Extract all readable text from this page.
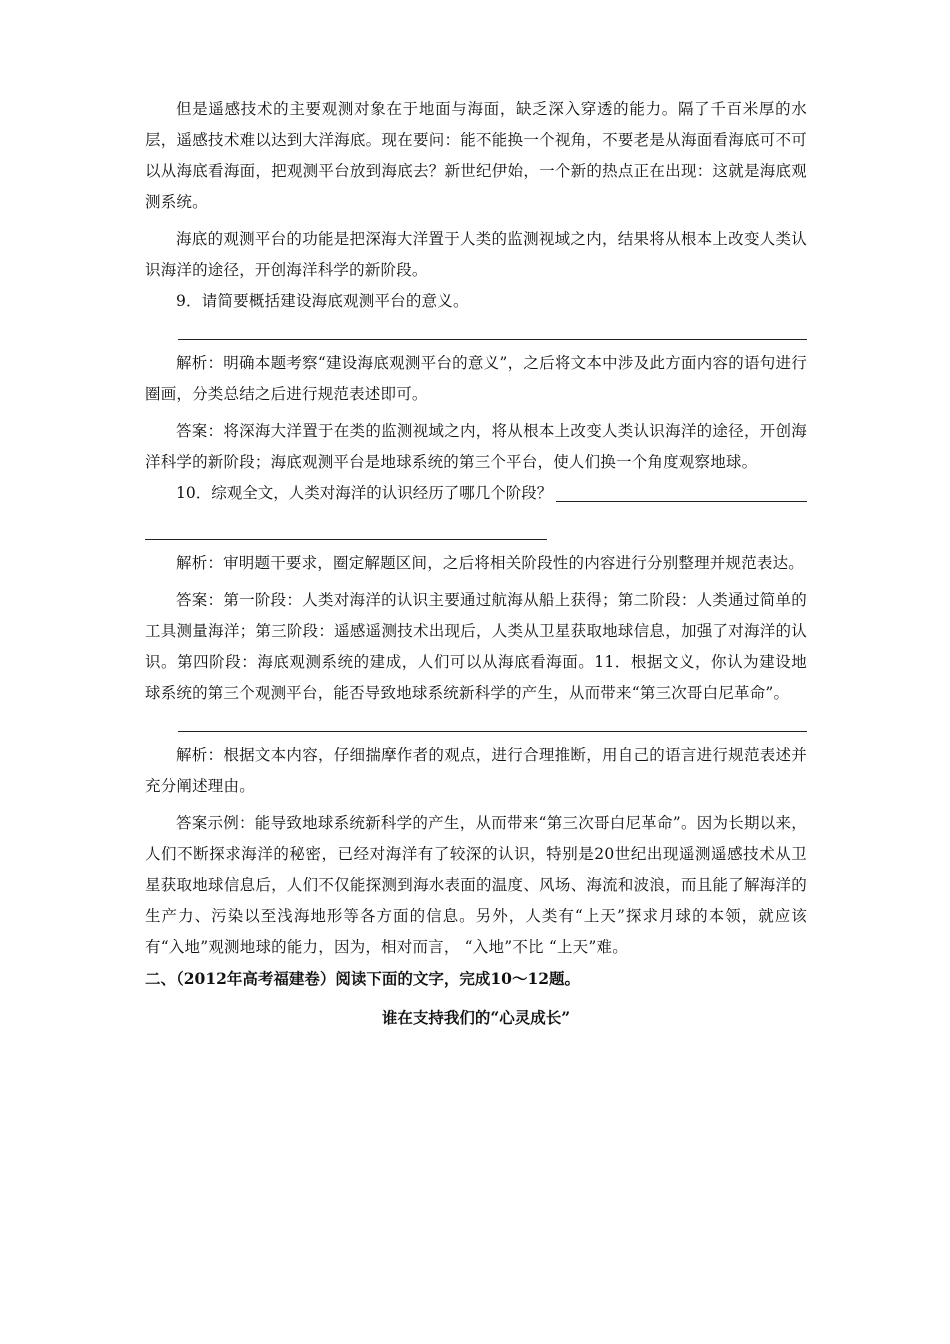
但是遥感技术的主要观测对象在于地面与海面，缺乏深入穿透的能力。隔了千百米厚的水层，遥感技术难以达到大洋海底。现在要问：能不能换一个视角，不要老是从海面看海底可不可以从海底看海面，把观测平台放到海底去？新世纪伊始，一个新的热点正在出现：这就是海底观测系统。

海底的观测平台的功能是把深海大洋置于人类的监测视域之内，结果将从根本上改变人类认识海洋的途径，开创海洋科学的新阶段。

9．请简要概括建设海底观测平台的意义。

解析：明确本题考察“建设海底观测平台的意义”，之后将文本中涉及此方面内容的语句进行圈画，分类总结之后进行规范表述即可。

答案：将深海大洋置于在类的监测视域之内，将从根本上改变人类认识海洋的途径，开创海洋科学的新阶段；海底观测平台是地球系统的第三个平台，使人们换一个角度观察地球。

10．综观全文，人类对海洋的认识经历了哪几个阶段？

解析：审明题干要求，圈定解题区间，之后将相关阶段性的内容进行分别整理并规范表达。

答案：第一阶段：人类对海洋的认识主要通过航海从船上获得；第二阶段：人类通过简单的工具测量海洋；第三阶段：遥感遥测技术出现后，人类从卫星获取地球信息，加强了对海洋的认识。第四阶段：海底观测系统的建成，人们可以从海底看海面。11．根据文义，你认为建设地球系统的第三个观测平台，能否导致地球系统新科学的产生，从而带来“第三次哥白尼革命”。

解析：根据文本内容，仔细揣摩作者的观点，进行合理推断，用自己的语言进行规范表述并充分阐述理由。

答案示例：能导致地球系统新科学的产生，从而带来“第三次哥白尼革命”。因为长期以来，人们不断探求海洋的秘密，已经对海洋有了较深的认识，特别是20世纪出现遥测遥感技术从卫星获取地球信息后，人们不仅能探测到海水表面的温度、风场、海流和波浪，而且能了解海洋的生产力、污染以至浅海地形等各方面的信息。另外，人类有“上天”探求月球的本领，就应该有“入地”观测地球的能力，因为，相对而言， “入地”不比 “上天”难。

二、（2012年高考福建卷）阅读下面的文字，完成10～12题。

谁在支持我们的“心灵成长”
